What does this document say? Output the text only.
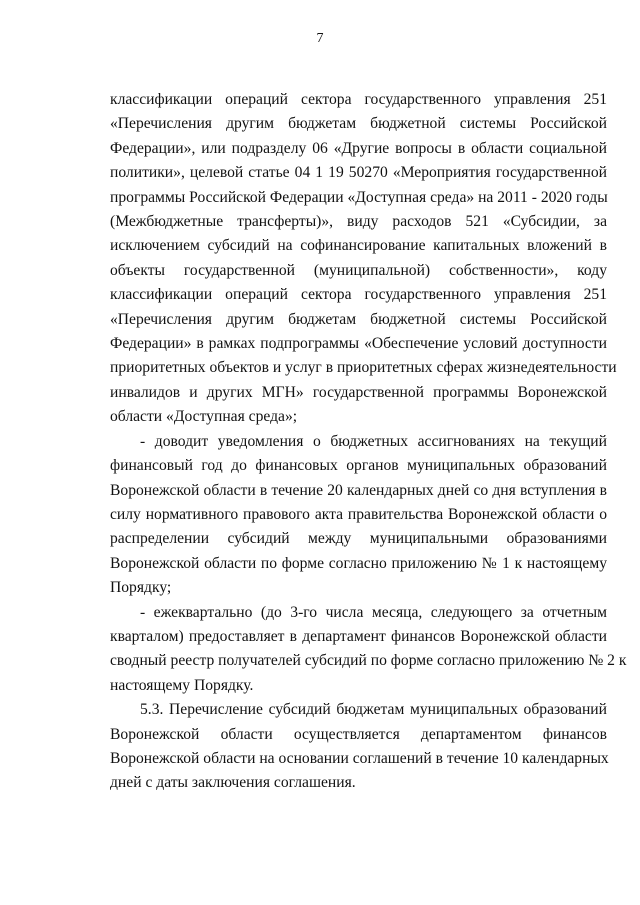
7
классификации операций сектора государственного управления 251
«Перечисления другим бюджетам бюджетной системы Российской
Федерации», или подразделу 06 «Другие вопросы в области социальной
политики», целевой статье 04 1 19 50270 «Мероприятия государственной
программы Российской Федерации «Доступная среда» на 2011 - 2020 годы
(Межбюджетные трансферты)», виду расходов 521 «Субсидии, за
исключением субсидий на софинансирование капитальных вложений в
объекты государственной (муниципальной) собственности», коду
классификации операций сектора государственного управления 251
«Перечисления другим бюджетам бюджетной системы Российской
Федерации» в рамках подпрограммы «Обеспечение условий доступности
приоритетных объектов и услуг в приоритетных сферах жизнедеятельности
инвалидов и других МГН» государственной программы Воронежской
области «Доступная среда»;
- доводит уведомления о бюджетных ассигнованиях на текущий
финансовый год до финансовых органов муниципальных образований
Воронежской области в течение 20 календарных дней со дня вступления в
силу нормативного правового акта правительства Воронежской области о
распределении субсидий между муниципальными образованиями
Воронежской области по форме согласно приложению № 1 к настоящему
Порядку;
- ежеквартально (до 3-го числа месяца, следующего за отчетным
кварталом) предоставляет в департамент финансов Воронежской области
сводный реестр получателей субсидий по форме согласно приложению № 2 к
настоящему Порядку.
5.3. Перечисление субсидий бюджетам муниципальных образований
Воронежской области осуществляется департаментом финансов
Воронежской области на основании соглашений в течение 10 календарных
дней с даты заключения соглашения.
